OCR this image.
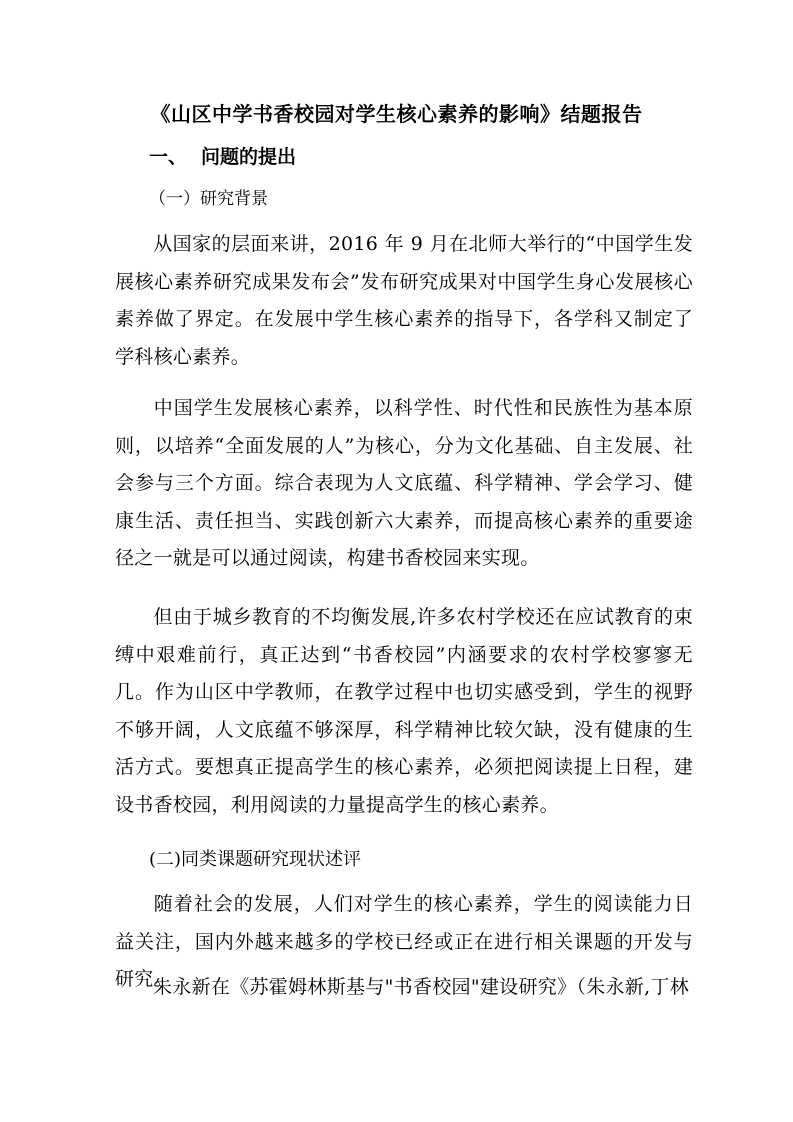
《山区中学书香校园对学生核心素养的影响》结题报告
一、 问题的提出
（一）研究背景

从国家的层面来讲，2016 年 9 月在北师大举行的“中国学生发展核心素养研究成果发布会”发布研究成果对中国学生身心发展核心素养做了界定。在发展中学生核心素养的指导下，各学科又制定了学科核心素养。

中国学生发展核心素养，以科学性、时代性和民族性为基本原则，以培养“全面发展的人”为核心，分为文化基础、自主发展、社会参与三个方面。综合表现为人文底蕴、科学精神、学会学习、健康生活、责任担当、实践创新六大素养，而提高核心素养的重要途径之一就是可以通过阅读，构建书香校园来实现。

但由于城乡教育的不均衡发展,许多农村学校还在应试教育的束缚中艰难前行，真正达到“书香校园”内涵要求的农村学校寥寥无几。作为山区中学教师，在教学过程中也切实感受到，学生的视野不够开阔，人文底蕴不够深厚，科学精神比较欠缺，没有健康的生活方式。要想真正提高学生的核心素养，必须把阅读提上日程，建设书香校园，利用阅读的力量提高学生的核心素养。

(二)同类课题研究现状述评

随着社会的发展，人们对学生的核心素养，学生的阅读能力日益关注，国内外越来越多的学校已经或正在进行相关课题的开发与研究。

朱永新在《苏霍姆林斯基与"书香校园"建设研究》（朱永新,丁林
